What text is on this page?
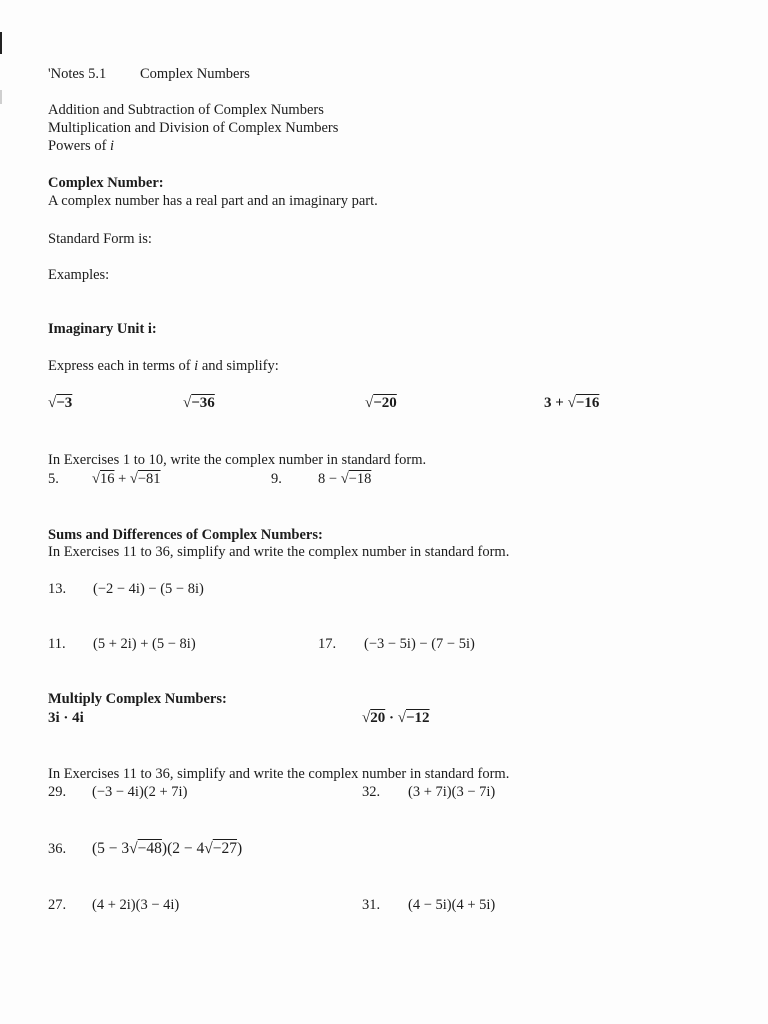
'Notes 5.1 Complex Numbers
Addition and Subtraction of Complex Numbers
Multiplication and Division of Complex Numbers
Powers of i
Complex Number:
A complex number has a real part and an imaginary part.
Standard Form is:
Examples:
Imaginary Unit i:
Express each in terms of i and simplify:
√−3	√−36	√−20	3 + √−16
In Exercises 1 to 10, write the complex number in standard form.
5. √16 + √−81	9. 8 − √−18
Sums and Differences of Complex Numbers:
In Exercises 11 to 36, simplify and write the complex number in standard form.
13. (−2 − 4i) − (5 − 8i)
11. (5 + 2i) + (5 − 8i)	17. (−3 − 5i) − (7 − 5i)
Multiply Complex Numbers:
3i · 4i	√20 · √−12
In Exercises 11 to 36, simplify and write the complex number in standard form.
29. (−3 − 4i)(2 + 7i)	32. (3 + 7i)(3 − 7i)
36. (5 − 3√−48)(2 − 4√−27)
27. (4 + 2i)(3 − 4i)	31. (4 − 5i)(4 + 5i)
